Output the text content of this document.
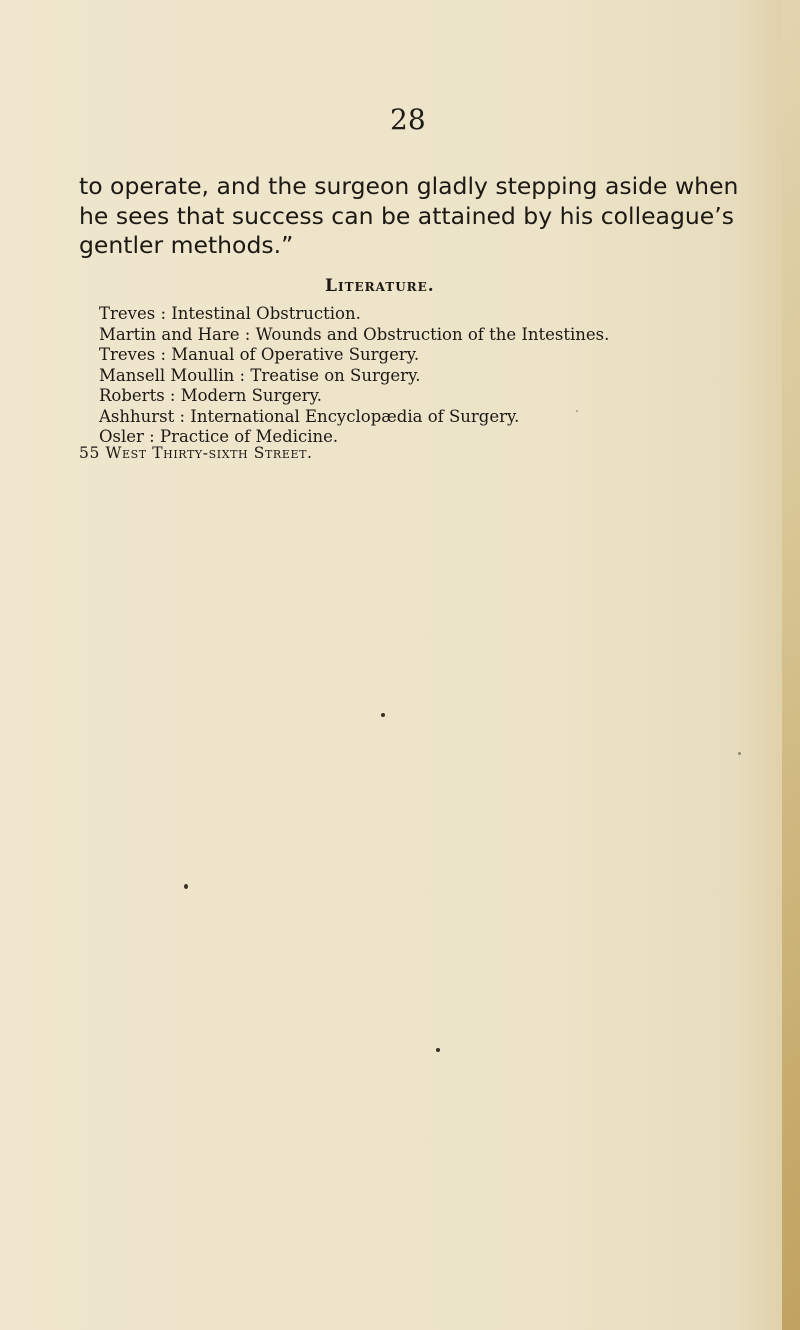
28

to operate, and the surgeon gladly stepping aside when
he sees that success can be attained by his colleague’s
gentler methods.”

Literature.
Treves : Intestinal Obstruction.
Martin and Hare : Wounds and Obstruction of the Intestines.
Treves : Manual of Operative Surgery.
Mansell Moullin : Treatise on Surgery.
Roberts : Modern Surgery.
Ashhurst : International Encyclopædia of Surgery.
Osler : Practice of Medicine.

55 West Thirty-sixth Street.
